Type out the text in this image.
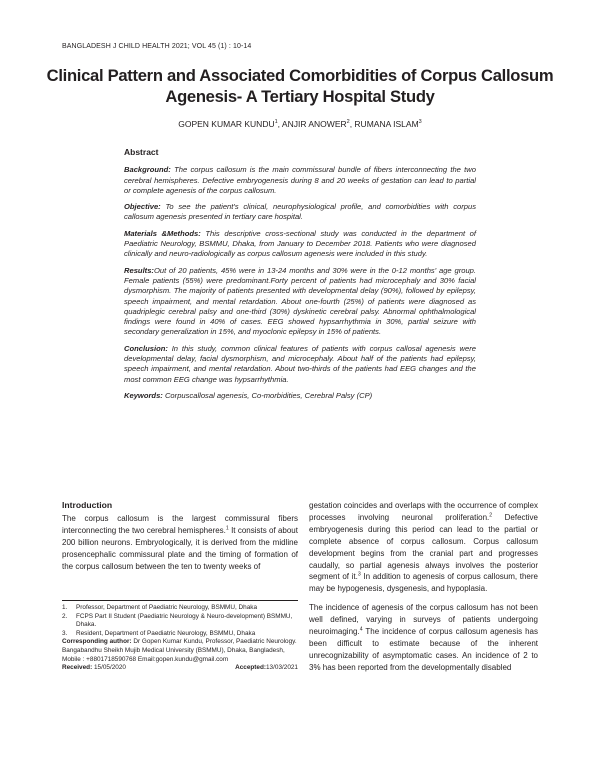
BANGLADESH J CHILD HEALTH 2021; VOL 45 (1) : 10-14
Clinical Pattern and Associated Comorbidities of Corpus Callosum Agenesis- A Tertiary Hospital Study
GOPEN KUMAR KUNDU$^1$, ANJIR ANOWER$^2$, RUMANA ISLAM$^3$
Abstract

Background: The corpus callosum is the main commissural bundle of fibers interconnecting the two cerebral hemispheres. Defective embryogenesis during 8 and 20 weeks of gestation can lead to partial or complete agenesis of the corpus callosum.

Objective: To see the patient's clinical, neurophysiological profile, and comorbidities with corpus callosum agenesis presented in tertiary care hospital.

Materials &Methods: This descriptive cross-sectional study was conducted in the department of Paediatric Neurology, BSMMU, Dhaka, from January to December 2018. Patients who were diagnosed clinically and neuro-radiologically as corpus callosum agenesis were included in this study.

Results:Out of 20 patients, 45% were in 13-24 months and 30% were in the 0-12 months' age group. Female patients (55%) were predominant.Forty percent of patients had microcephaly and 30% facial dysmorphism. The majority of patients presented with developmental delay (90%), followed by epilepsy, speech impairment, and mental retardation. About one-fourth (25%) of patients were diagnosed as quadriplegic cerebral palsy and one-third (30%) dyskinetic cerebral palsy. Abnormal ophthalmological findings were found in 40% of cases. EEG showed hypsarrhythmia in 30%, partial seizure with secondary generalization in 15%, and myoclonic epilepsy in 15% of patients.

Conclusion: In this study, common clinical features of patients with corpus callosal agenesis were developmental delay, facial dysmorphism, and microcephaly. About half of the patients had epilepsy, speech impairment, and mental retardation. About two-thirds of the patients had EEG changes and the most common EEG change was hypsarrhythmia.

Keywords: Corpuscallosal agenesis, Co-morbidities, Cerebral Palsy (CP)

Introduction

The corpus callosum is the largest commissural fibers interconnecting the two cerebral hemispheres.$^1$ It consists of about 200 billion neurons. Embryologically, it is derived from the midline prosencephalic commissural plate and the timing of formation of the corpus callosum between the ten to twenty weeks of

1.	Professor, Department of Paediatric Neurology, BSMMU, Dhaka
2.	FCPS Part II Student (Paediatric Neurology & Neuro-development) BSMMU, Dhaka.
3.	Resident, Department of Paediatric Neurology, BSMMU, Dhaka
Corresponding author: Dr Gopen Kumar Kundu, Professor, Paediatric Neurology. Bangabandhu Sheikh Mujib Medical University (BSMMU), Dhaka, Bangladesh, Mobile : +8801718590768 Email:gopen.kundu@gmail.com
Received: 15/05/2020	Accepted:13/03/2021

gestation coincides and overlaps with the occurrence of complex processes involving neuronal proliferation.$^2$ Defective embryogenesis during this period can lead to the partial or complete absence of corpus callosum. Corpus callosum development begins from the cranial part and progresses caudally, so partial agenesis always involves the posterior segment of it.$^3$ In addition to agenesis of corpus callosum, there may be hypogenesis, dysgenesis, and hypoplasia.

The incidence of agenesis of the corpus callosum has not been well defined, varying in surveys of patients undergoing neuroimaging.$^4$ The incidence of corpus callosum agenesis has been difficult to estimate because of the inherent unrecognizability of asymptomatic cases. An incidence of 2 to 3% has been reported from the developmentally disabled
